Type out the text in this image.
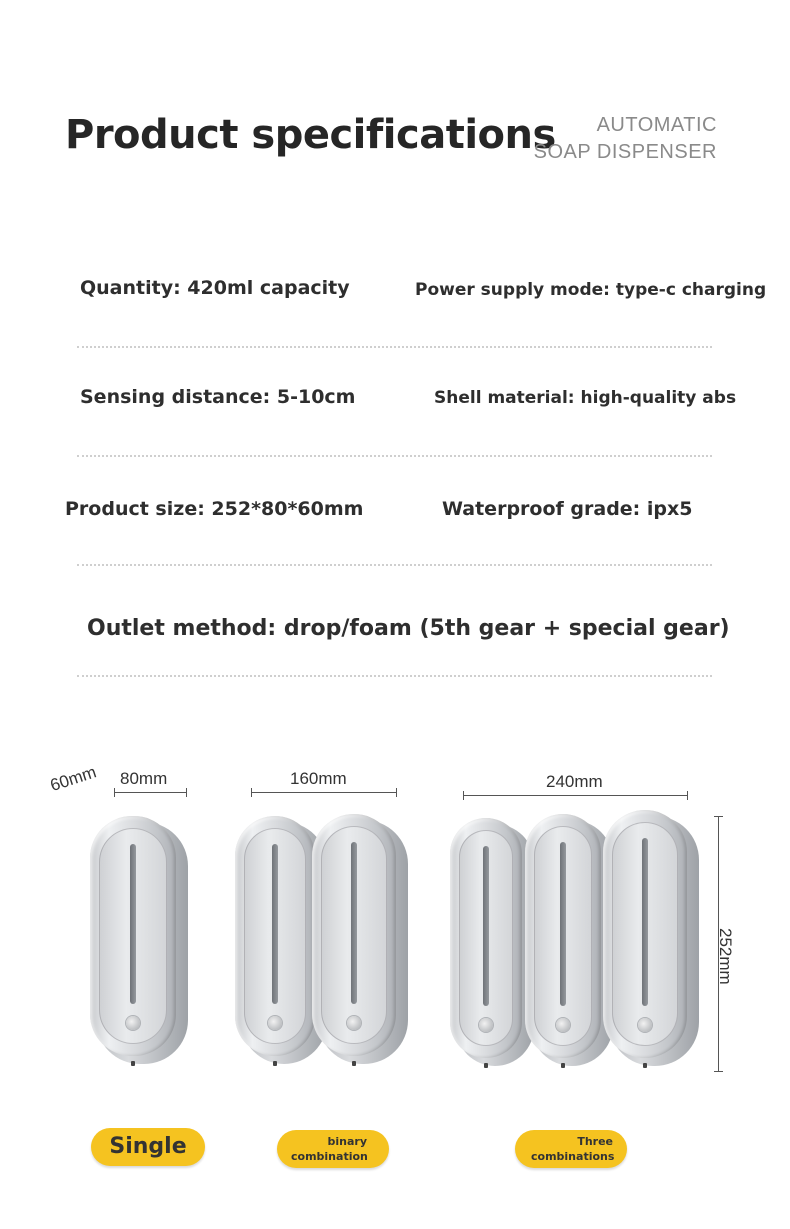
Product specifications AUTOMATIC
SOAP DISPENSER
Quantity: 420ml capacity	Power supply mode: type-c charging
Sensing distance: 5-10cm	Shell material: high-quality abs
Product size: 252*80*60mm	Waterproof grade: ipx5
Outlet method: drop/foam (5th gear + special gear)
60mm 80mm	160mm	240mm
252mm
Single	binary
combination
Three
combinations
